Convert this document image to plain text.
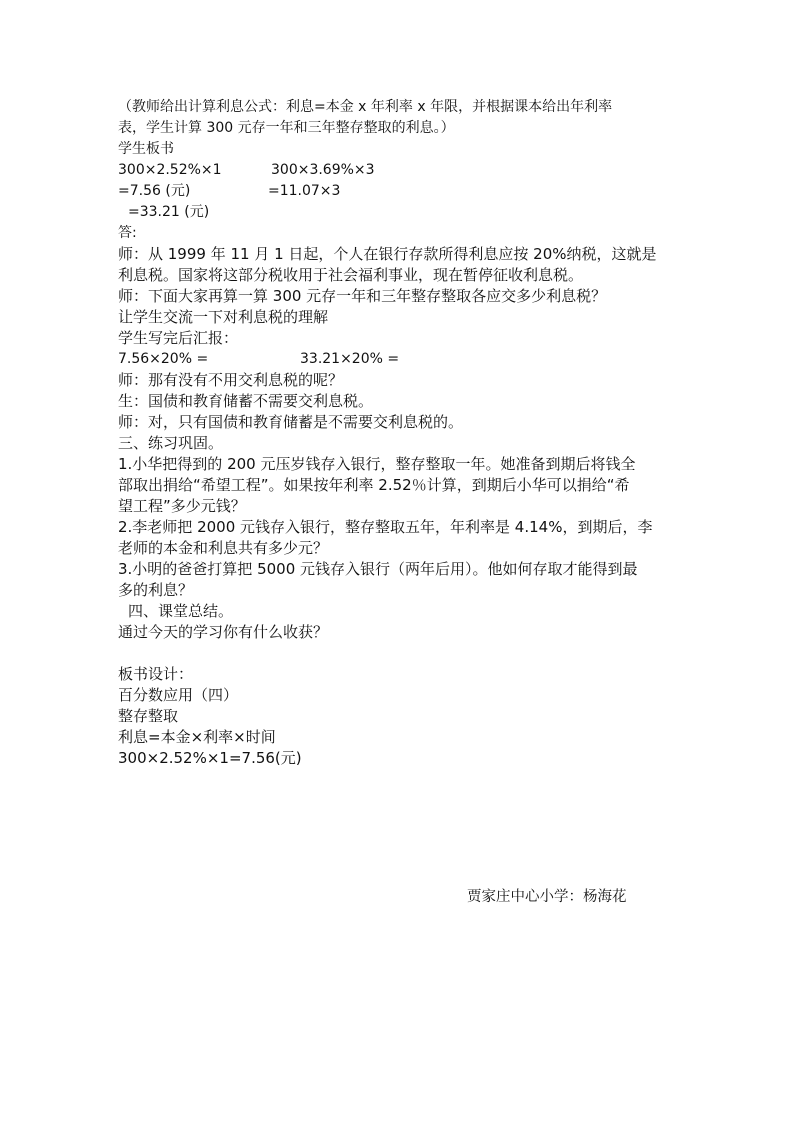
（教师给出计算利息公式：利息=本金 x 年利率 x 年限，并根据课本给出年利率
表，学生计算 300 元存一年和三年整存整取的利息。）
学生板书
300×2.52%×1	300×3.69%×3
=7.56 (元)	=11.07×3
=33.21 (元)
答:
师：从 1999 年 11 月 1 日起，个人在银行存款所得利息应按 20%纳税，这就是
利息税。国家将这部分税收用于社会福利事业，现在暂停征收利息税。
师：下面大家再算一算 300 元存一年和三年整存整取各应交多少利息税？
让学生交流一下对利息税的理解
学生写完后汇报：
7.56×20% =	33.21×20% =
师：那有没有不用交利息税的呢？
生：国债和教育储蓄不需要交利息税。
师：对，只有国债和教育储蓄是不需要交利息税的。
三、练习巩固。
1.小华把得到的 200 元压岁钱存入银行，整存整取一年。她准备到期后将钱全
部取出捐给“希望工程”。如果按年利率 2.52％计算，到期后小华可以捐给“希
望工程”多少元钱？
2.李老师把 2000 元钱存入银行，整存整取五年，年利率是 4.14%，到期后，李
老师的本金和利息共有多少元？
3.小明的爸爸打算把 5000 元钱存入银行（两年后用）。他如何存取才能得到最
多的利息？
四、课堂总结。
通过今天的学习你有什么收获？
板书设计：
百分数应用（四）
整存整取
利息=本金×利率×时间
300×2.52%×1=7.56(元)
贾家庄中心小学：杨海花
